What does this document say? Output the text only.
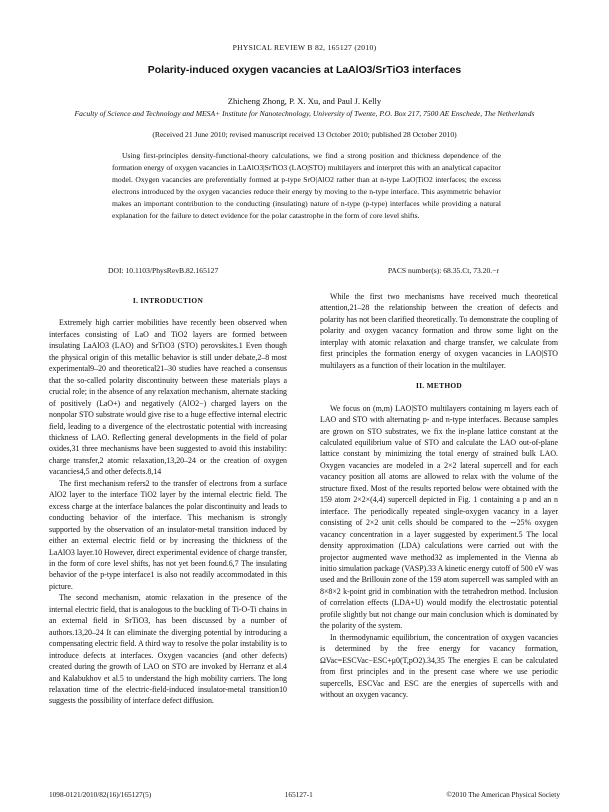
PHYSICAL REVIEW B 82, 165127 (2010)
Polarity-induced oxygen vacancies at LaAlO3/SrTiO3 interfaces
Zhicheng Zhong, P. X. Xu, and Paul J. Kelly
Faculty of Science and Technology and MESA+ Institute for Nanotechnology, University of Twente, P.O. Box 217, 7500 AE Enschede, The Netherlands
(Received 21 June 2010; revised manuscript received 13 October 2010; published 28 October 2010)
Using first-principles density-functional-theory calculations, we find a strong position and thickness dependence of the formation energy of oxygen vacancies in LaAlO3|SrTiO3 (LAO|STO) multilayers and interpret this with an analytical capacitor model. Oxygen vacancies are preferentially formed at p-type SrO|AlO2 rather than at n-type LaO|TiO2 interfaces; the excess electrons introduced by the oxygen vacancies reduce their energy by moving to the n-type interface. This asymmetric behavior makes an important contribution to the conducting (insulating) nature of n-type (p-type) interfaces while providing a natural explanation for the failure to detect evidence for the polar catastrophe in the form of core level shifts.
DOI: 10.1103/PhysRevB.82.165127	PACS number(s): 68.35.Ct, 73.20.−r
I. INTRODUCTION

Extremely high carrier mobilities have recently been observed when interfaces consisting of LaO and TiO2 layers are formed between insulating LaAlO3 (LAO) and SrTiO3 (STO) perovskites.1 Even though the physical origin of this metallic behavior is still under debate,2–8 most experimental9–20 and theoretical21–30 studies have reached a consensus that the so-called polarity discontinuity between these materials plays a crucial role; in the absence of any relaxation mechanism, alternate stacking of positively (LaO+) and negatively (AlO2−) charged layers on the nonpolar STO substrate would give rise to a huge effective internal electric field, leading to a divergence of the electrostatic potential with increasing thickness of LAO. Reflecting general developments in the field of polar oxides,31 three mechanisms have been suggested to avoid this instability: charge transfer,2 atomic relaxation,13,20–24 or the creation of oxygen vacancies4,5 and other defects.8,14

The first mechanism refers2 to the transfer of electrons from a surface AlO2 layer to the interface TiO2 layer by the internal electric field. The excess charge at the interface balances the polar discontinuity and leads to conducting behavior of the interface. This mechanism is strongly supported by the observation of an insulator-metal transition induced by either an external electric field or by increasing the thickness of the LaAlO3 layer.10 However, direct experimental evidence of charge transfer, in the form of core level shifts, has not yet been found.6,7 The insulating behavior of the p-type interface1 is also not readily accommodated in this picture.

The second mechanism, atomic relaxation in the presence of the internal electric field, that is analogous to the buckling of Ti-O-Ti chains in an external field in SrTiO3, has been discussed by a number of authors.13,20–24 It can eliminate the diverging potential by introducing a compensating electric field. A third way to resolve the polar instability is to introduce defects at interfaces. Oxygen vacancies (and other defects) created during the growth of LAO on STO are invoked by Herranz et al.4 and Kalabukhov et al.5 to understand the high mobility carriers. The long relaxation time of the electric-field-induced insulator-metal transition10 suggests the possibility of interface defect diffusion.

While the first two mechanisms have received much theoretical attention,21–28 the relationship between the creation of defects and polarity has not been clarified theoretically. To demonstrate the coupling of polarity and oxygen vacancy formation and throw some light on the interplay with atomic relaxation and charge transfer, we calculate from first principles the formation energy of oxygen vacancies in LAO|STO multilayers as a function of their location in the multilayer.

II. METHOD

We focus on (m,m) LAO|STO multilayers containing m layers each of LAO and STO with alternating p- and n-type interfaces. Because samples are grown on STO substrates, we fix the in-plane lattice constant at the calculated equilibrium value of STO and calculate the LAO out-of-plane lattice constant by minimizing the total energy of strained bulk LAO. Oxygen vacancies are modeled in a 2×2 lateral supercell and for each vacancy position all atoms are allowed to relax with the volume of the structure fixed. Most of the results reported below were obtained with the 159 atom 2×2×(4,4) supercell depicted in Fig. 1 containing a p and an n interface. The periodically repeated single-oxygen vacancy in a layer consisting of 2×2 unit cells should be compared to the ∼25% oxygen vacancy concentration in a layer suggested by experiment.5 The local density approximation (LDA) calculations were carried out with the projector augmented wave method32 as implemented in the Vienna ab initio simulation package (VASP).33 A kinetic energy cutoff of 500 eV was used and the Brillouin zone of the 159 atom supercell was sampled with an 8×8×2 k-point grid in combination with the tetrahedron method. Inclusion of correlation effects (LDA+U) would modify the electrostatic potential profile slightly but not change our main conclusion which is dominated by the polarity of the system.

In thermodynamic equilibrium, the concentration of oxygen vacancies is determined by the free energy for vacancy formation, ΩVac=ESCVac−ESC+μ0(T,pO2).34,35 The energies E can be calculated from first principles and in the present case where we use periodic supercells, ESCVac and ESC are the energies of supercells with and without an oxygen vacancy.

1098-0121/2010/82(16)/165127(5)	165127-1	©2010 The American Physical Society
